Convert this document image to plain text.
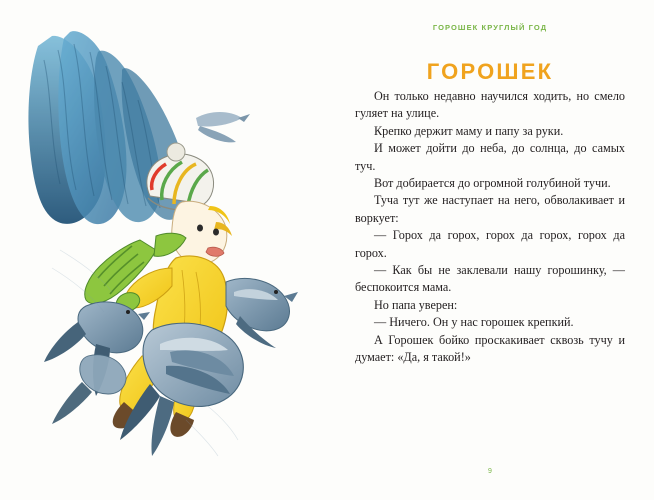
ГОРОШЕК КРУГЛЫЙ ГОД
ГОРОШЕК

Он только недавно научился ходить, но смело гуляет на улице.

Крепко держит маму и папу за руки.

И может дойти до неба, до солнца, до самых туч.

Вот добирается до огромной голубиной тучи.

Туча тут же наступает на него, обволакивает и воркует:

— Горох да горох, горох да горох, горох да горох.

— Как бы не заклевали нашу горошинку, — беспокоится мама.

Но папа уверен:

— Ничего. Он у нас горошек крепкий.

А Горошек бойко проскакивает сквозь тучу и думает: «Да, я такой!»

9
